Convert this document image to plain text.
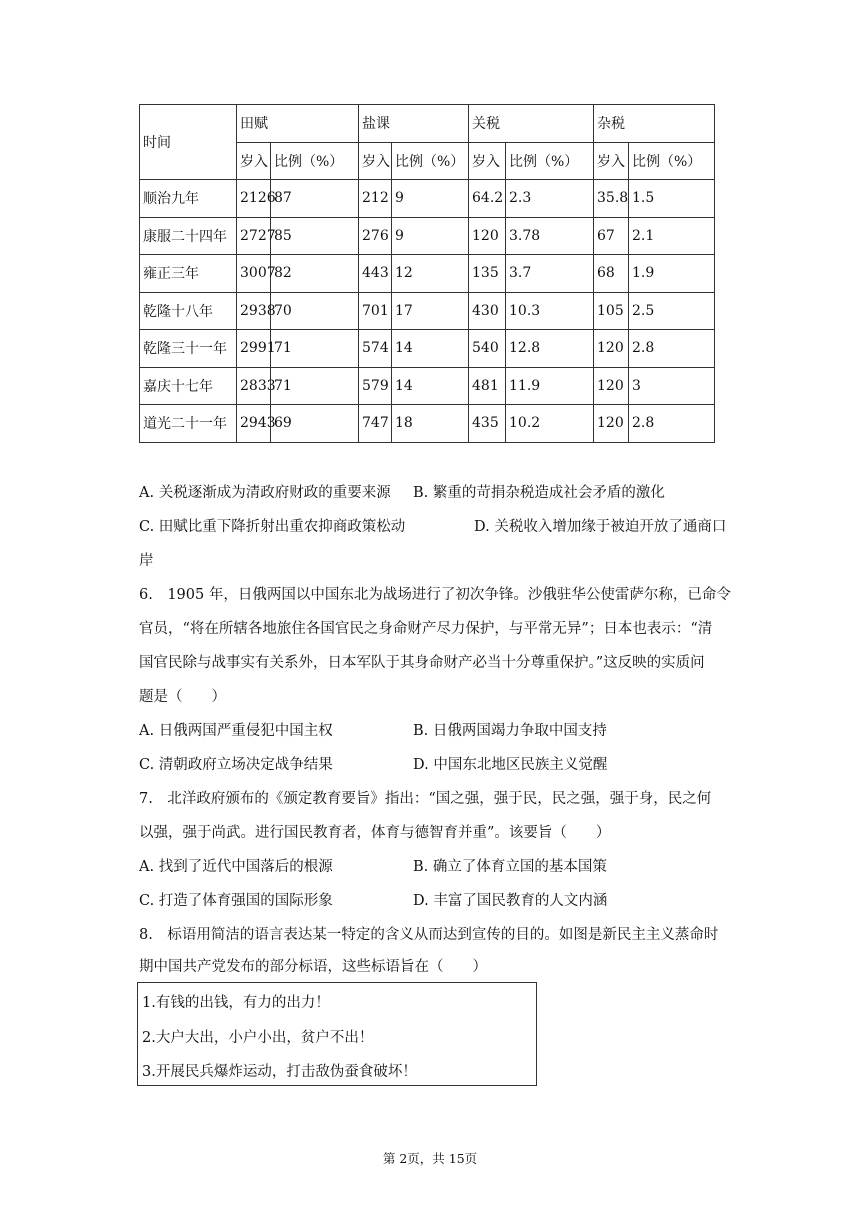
时间	田赋		盐课		关税		杂税	
	岁入	比例（%）	岁入	比例（%）	岁入	比例（%）	岁入	比例（%）
顺治九年	2126	87	212	9	64.2	2.3	35.8	1.5
康服二十四年	2727	85	276	9	120	3.78	67	2.1
雍正三年	3007	82	443	12	135	3.7	68	1.9
乾隆十八年	2938	70	701	17	430	10.3	105	2.5
乾隆三十一年	2991	71	574	14	540	12.8	120	2.8
嘉庆十七年	2833	71	579	14	481	11.9	120	3
道光二十一年	2943	69	747	18	435	10.2	120	2.8
A. 关税逐渐成为清政府财政的重要来源 B. 繁重的苛捐杂税造成社会矛盾的激化
C. 田赋比重下降折射出重农抑商政策松动	D. 关税收入增加缘于被迫开放了通商口
岸
6.　1905 年，日俄两国以中国东北为战场进行了初次争锋。沙俄驻华公使雷萨尔称，已命令
官员，“将在所辖各地旅住各国官民之身命财产尽力保护，与平常无异”；日本也表示：“清
国官民除与战事实有关系外，日本军队于其身命财产必当十分尊重保护。”这反映的实质问
题是（　　）
A. 日俄两国严重侵犯中国主权	B. 日俄两国竭力争取中国支持
C. 清朝政府立场决定战争结果	D. 中国东北地区民族主义觉醒
7.　北洋政府颁布的《颁定教育要旨》指出：“国之强，强于民，民之强，强于身，民之何
以强，强于尚武。进行国民教育者，体育与德智育并重”。该要旨（　　）
A. 找到了近代中国落后的根源	B. 确立了体育立国的基本国策
C. 打造了体育强国的国际形象	D. 丰富了国民教育的人文内涵
8.　标语用简洁的语言表达某一特定的含义从而达到宣传的目的。如图是新民主主义蒸命时
期中国共产党发布的部分标语，这些标语旨在（　　）
1.有钱的出钱，有力的出力！
2.大户大出，小户小出，贫户不出！
3.开展民兵爆炸运动，打击敌伪蚕食破坏！
第 2页，共 15页
